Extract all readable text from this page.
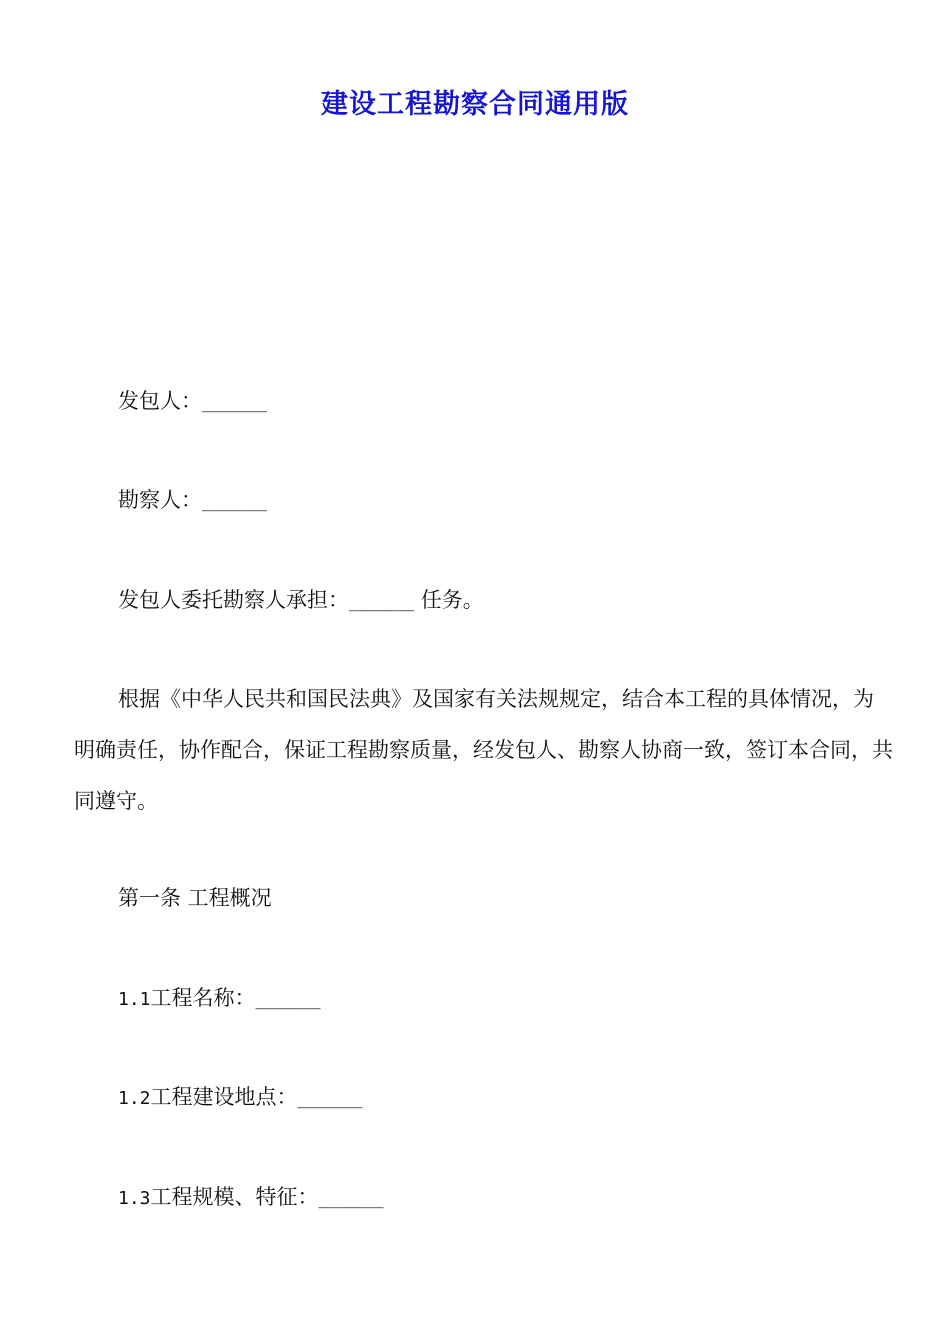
建设工程勘察合同通用版
发包人：______
勘察人：______
发包人委托勘察人承担：______ 任务。
根据《中华人民共和国民法典》及国家有关法规规定，结合本工程的具体情况，为明确责任，协作配合，保证工程勘察质量，经发包人、勘察人协商一致，签订本合同，共同遵守。
第一条 工程概况
1.1工程名称：______
1.2工程建设地点：______
1.3工程规模、特征：______
